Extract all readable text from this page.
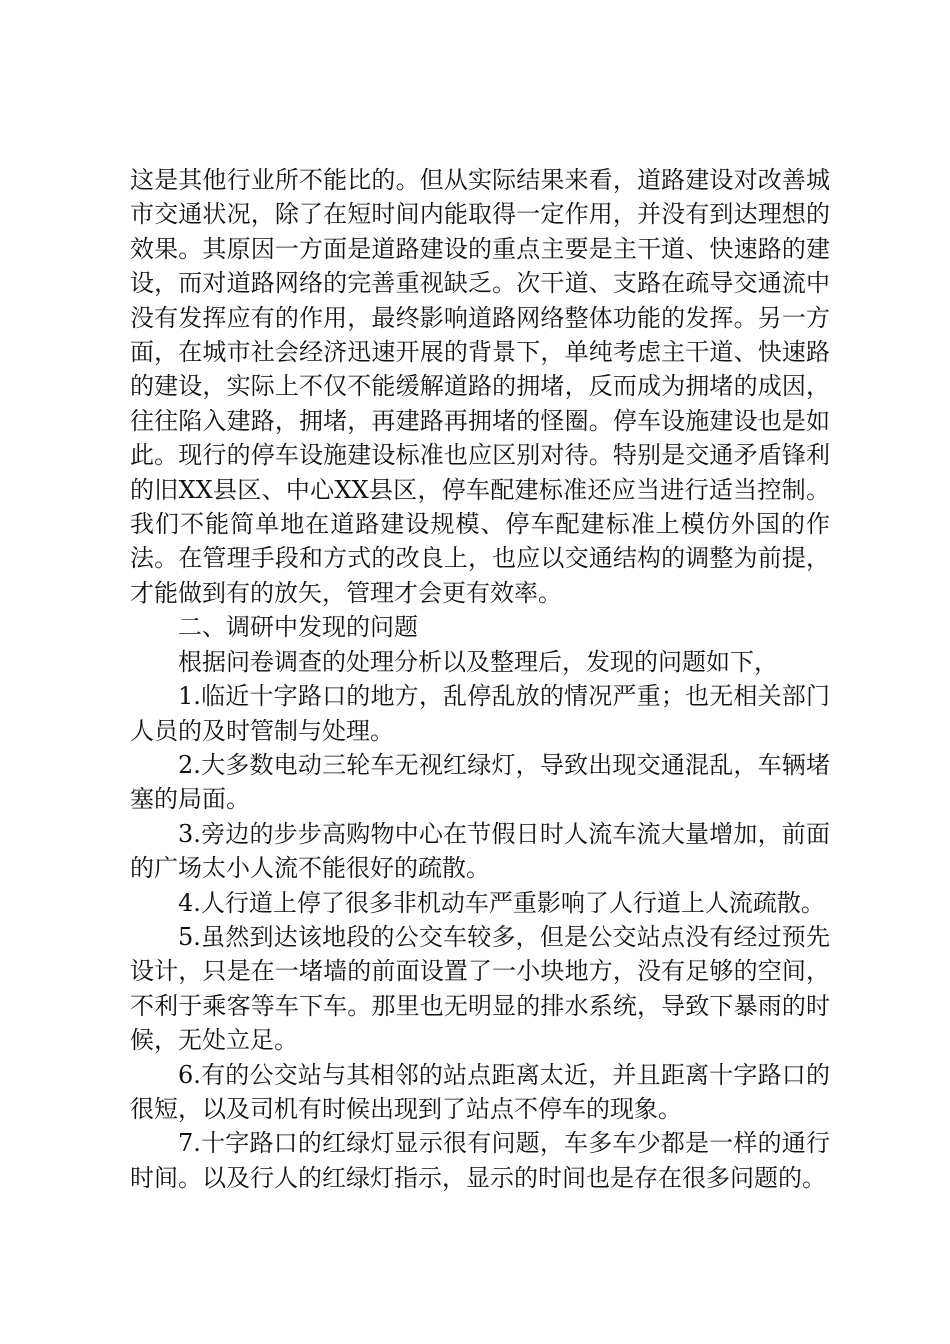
这是其他行业所不能比的。但从实际结果来看，道路建设对改善城市交通状况，除了在短时间内能取得一定作用，并没有到达理想的效果。其原因一方面是道路建设的重点主要是主干道、快速路的建设，而对道路网络的完善重视缺乏。次干道、支路在疏导交通流中没有发挥应有的作用，最终影响道路网络整体功能的发挥。另一方面，在城市社会经济迅速开展的背景下，单纯考虑主干道、快速路的建设，实际上不仅不能缓解道路的拥堵，反而成为拥堵的成因，往往陷入建路，拥堵，再建路再拥堵的怪圈。停车设施建设也是如此。现行的停车设施建设标准也应区别对待。特别是交通矛盾锋利的旧XX县区、中心XX县区，停车配建标准还应当进行适当控制。我们不能简单地在道路建设规模、停车配建标准上模仿外国的作法。在管理手段和方式的改良上，也应以交通结构的调整为前提，才能做到有的放矢，管理才会更有效率。

二、调研中发现的问题

根据问卷调查的处理分析以及整理后，发现的问题如下，

1.临近十字路口的地方，乱停乱放的情况严重；也无相关部门人员的及时管制与处理。

2.大多数电动三轮车无视红绿灯，导致出现交通混乱，车辆堵塞的局面。

3.旁边的步步高购物中心在节假日时人流车流大量增加，前面的广场太小人流不能很好的疏散。

4.人行道上停了很多非机动车严重影响了人行道上人流疏散。

5.虽然到达该地段的公交车较多，但是公交站点没有经过预先设计，只是在一堵墙的前面设置了一小块地方，没有足够的空间，不利于乘客等车下车。那里也无明显的排水系统，导致下暴雨的时候，无处立足。

6.有的公交站与其相邻的站点距离太近，并且距离十字路口的很短，以及司机有时候出现到了站点不停车的现象。

7.十字路口的红绿灯显示很有问题，车多车少都是一样的通行时间。以及行人的红绿灯指示，显示的时间也是存在很多问题的。
